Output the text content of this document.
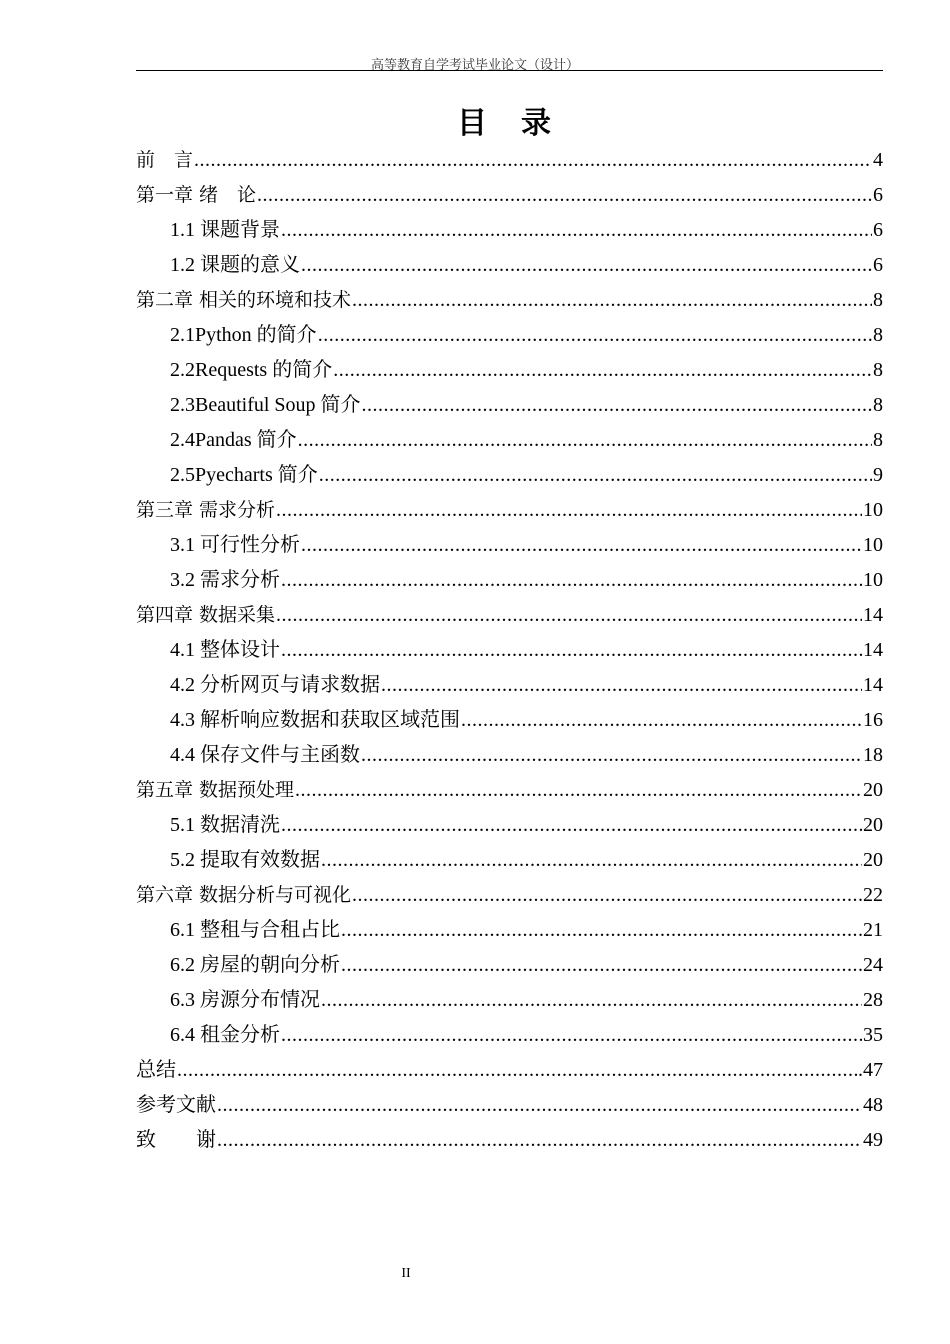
高等教育自学考试毕业论文（设计）
目　录
前　言 .....	4
第一章 绪　论 .....	6
1.1 课题背景 .....	6
1.2 课题的意义 .....	6
第二章 相关的环境和技术 .....	8
2.1Python 的简介 .....	8
2.2Requests 的简介 .....	8
2.3Beautiful Soup 简介 .....	8
2.4Pandas 简介 .....	8
2.5Pyecharts 简介 .....	9
第三章 需求分析 .....	10
3.1 可行性分析 .....	10
3.2 需求分析 .....	10
第四章 数据采集 .....	14
4.1 整体设计 .....	14
4.2 分析网页与请求数据 .....	14
4.3 解析响应数据和获取区域范围 .....	16
4.4 保存文件与主函数 .....	18
第五章 数据预处理 .....	20
5.1 数据清洗 .....	20
5.2 提取有效数据 .....	20
第六章 数据分析与可视化 .....	22
6.1 整租与合租占比 .....	21
6.2 房屋的朝向分析 .....	.24
6.3 房源分布情况 .....	28
6.4 租金分析 .....	35
总结 .....	.47
参考文献 .....	48
致　　谢 .....	49
II
